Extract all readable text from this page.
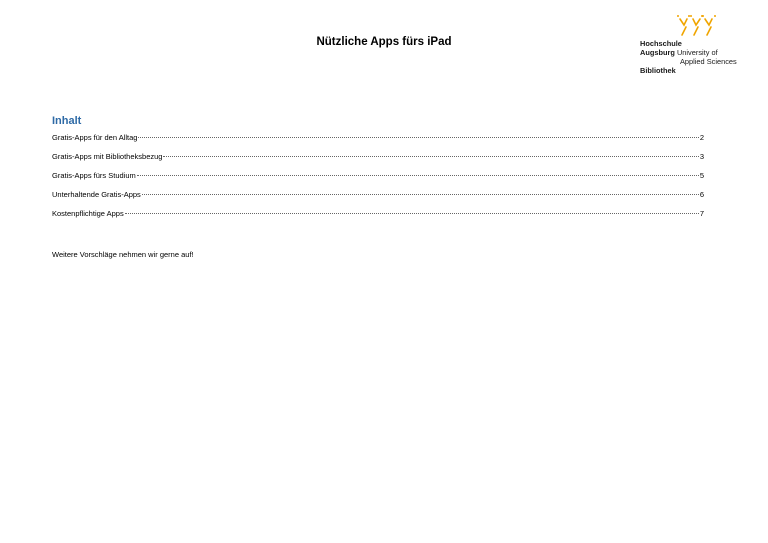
Nützliche Apps fürs iPad	Hochschule
Augsburg University of
Applied Sciences
Bibliothek
Inhalt
Gratis-Apps für den Alltag	2
Gratis-Apps mit Bibliotheksbezug	3
Gratis-Apps fürs Studium	5
Unterhaltende Gratis-Apps	6
Kostenpflichtige Apps	7
Weitere Vorschläge nehmen wir gerne auf!
